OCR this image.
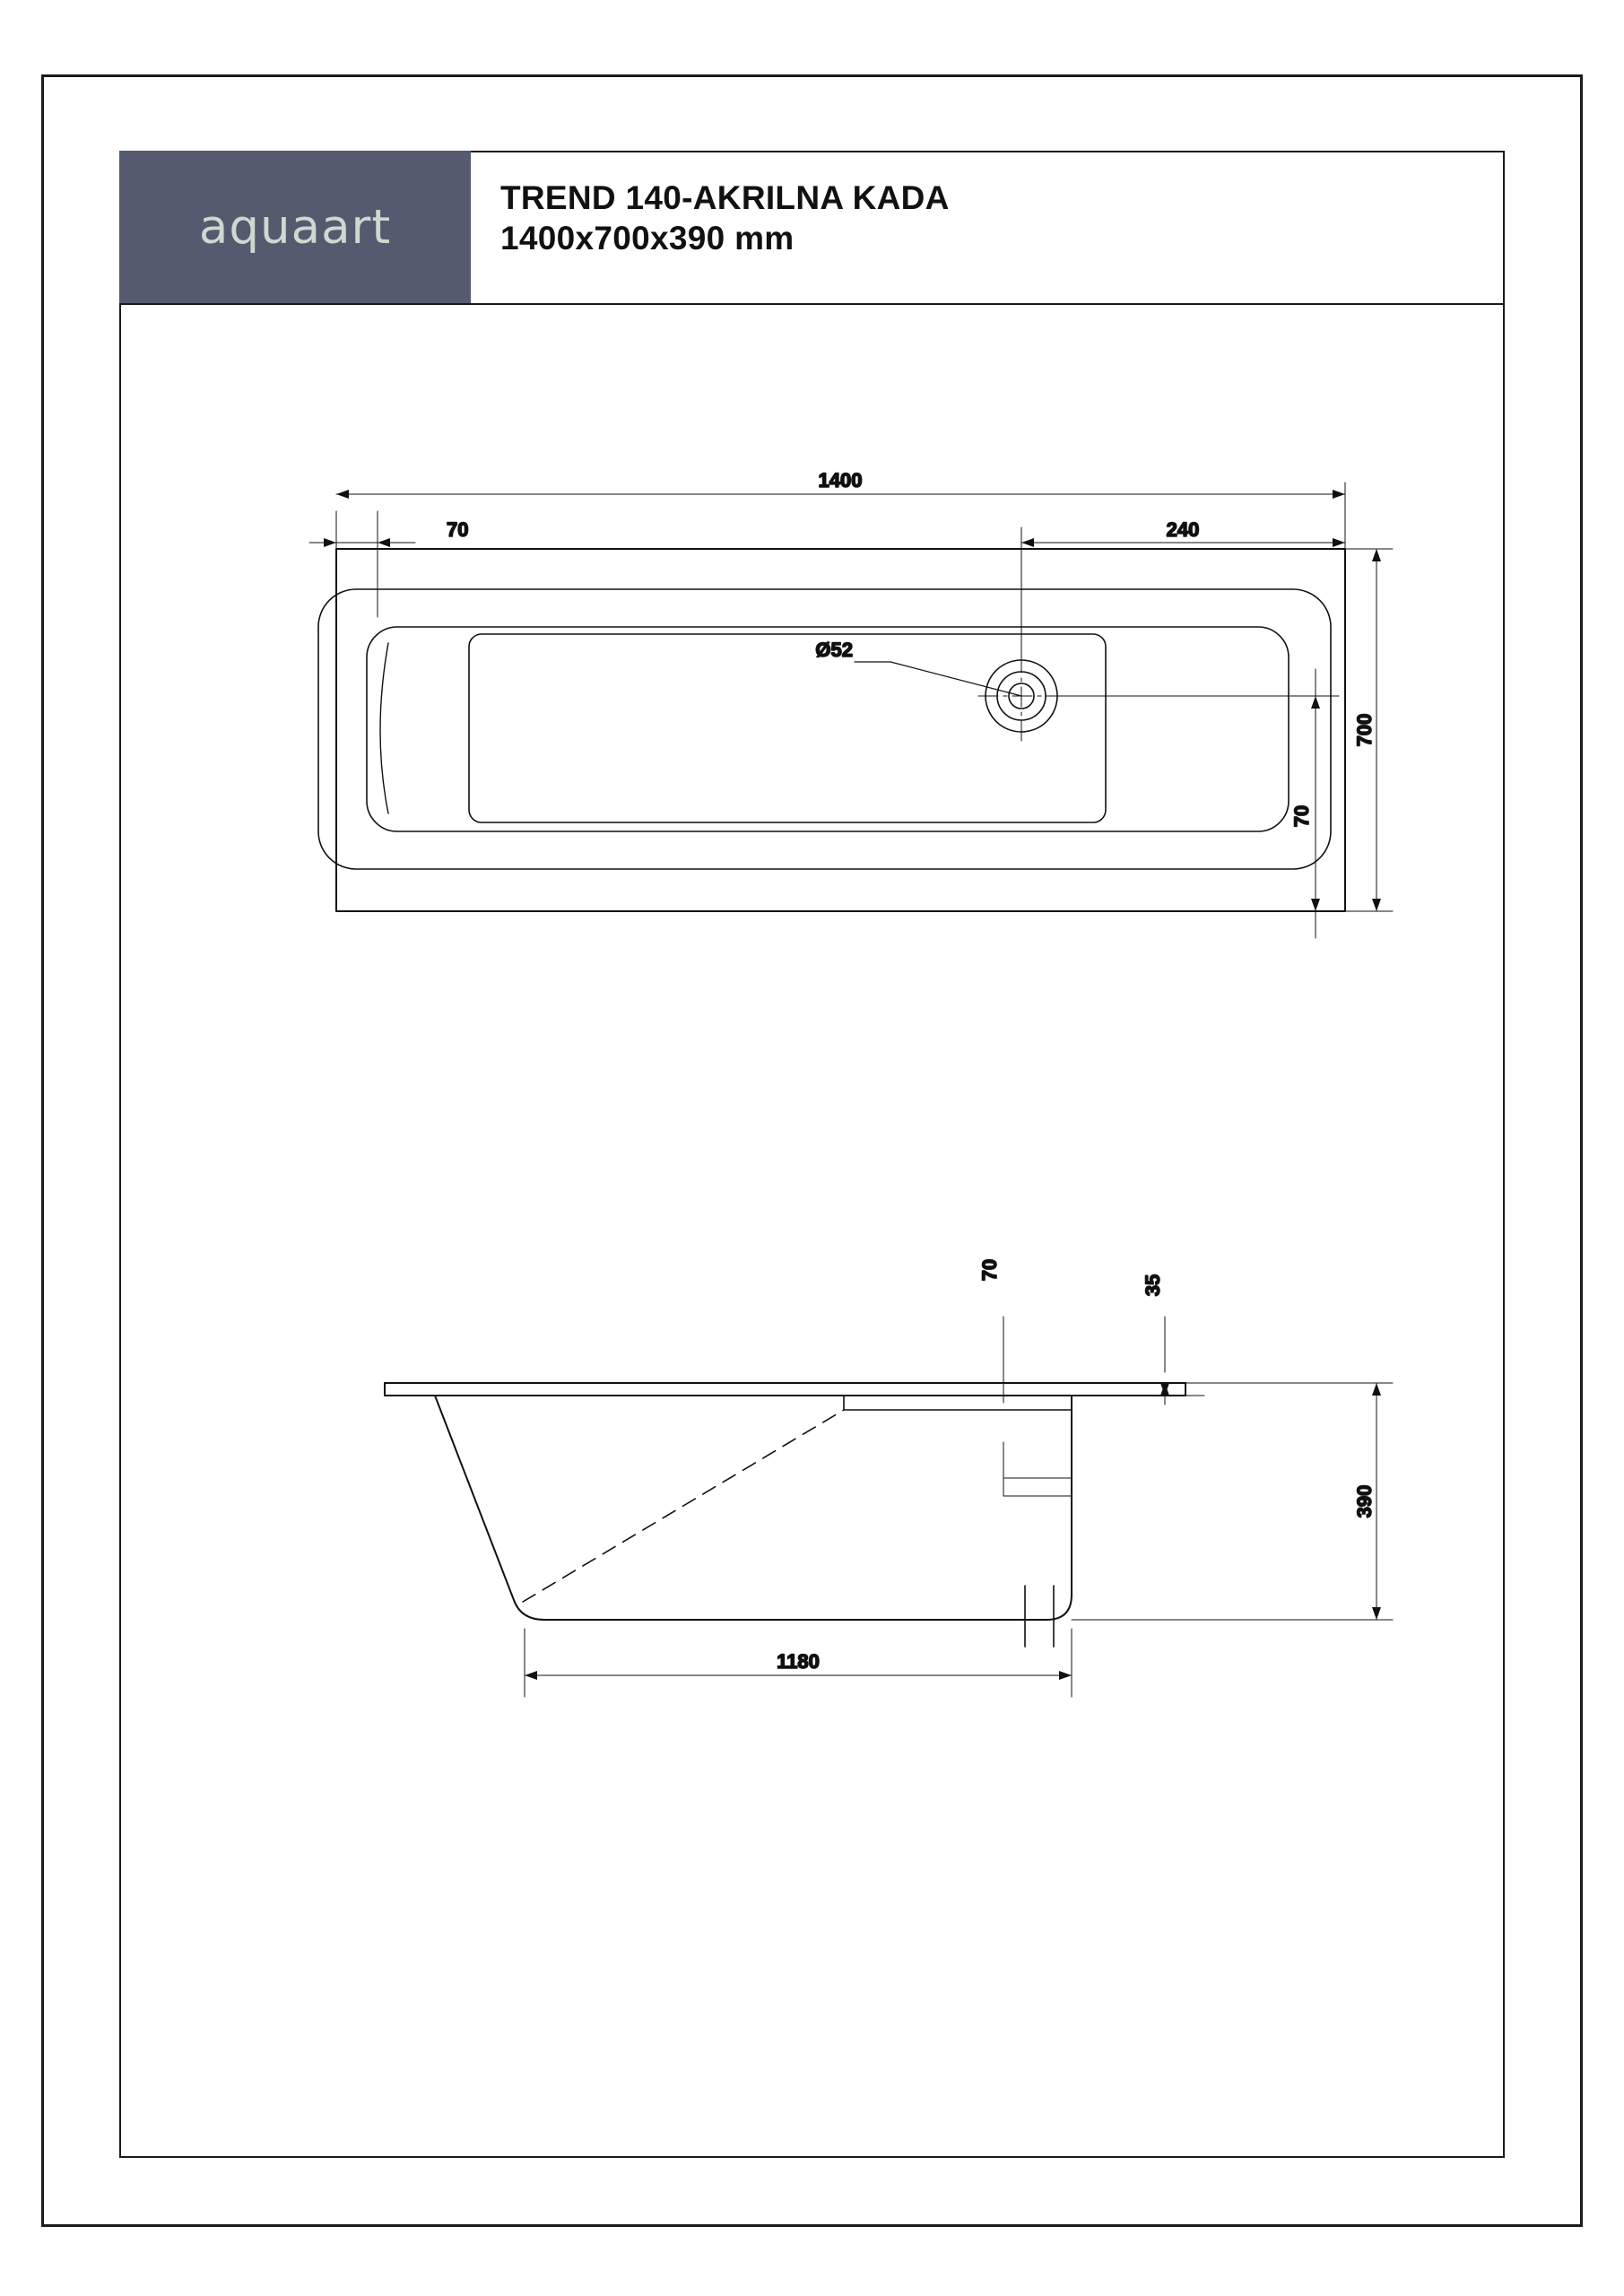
aquaart
TREND 140-AKRILNA KADA
1400x700x390 mm
Ø52
1400
70	240
700
70
70
35
390
1180
